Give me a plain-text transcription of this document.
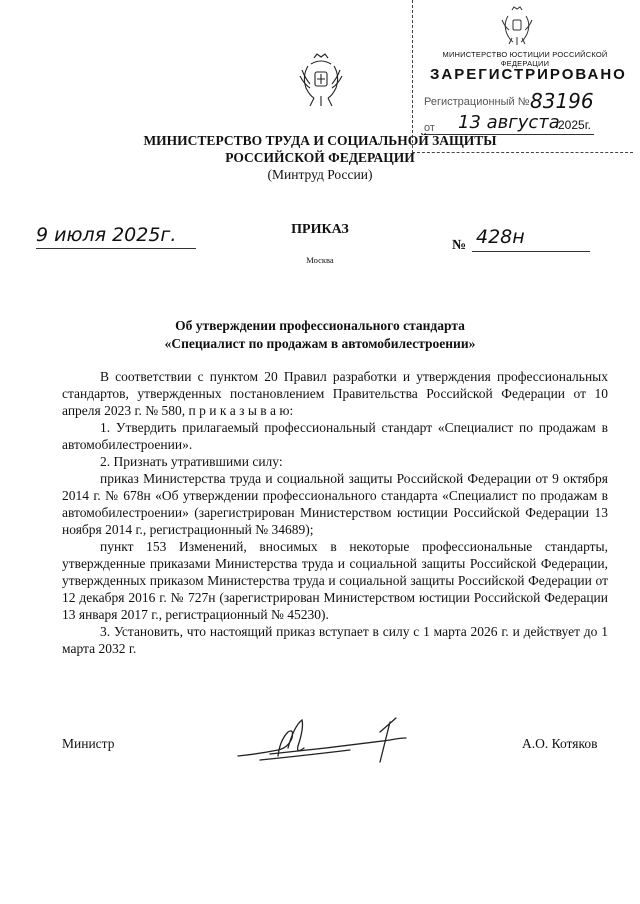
МИНИСТЕРСТВО ЮСТИЦИИ РОССИЙСКОЙ ФЕДЕРАЦИИ
ЗАРЕГИСТРИРОВАНО
Регистрационный № 83196
от 13 августа
2025г.
МИНИСТЕРСТВО ТРУДА И СОЦИАЛЬНОЙ ЗАЩИТЫ
РОССИЙСКОЙ ФЕДЕРАЦИИ
(Минтруд России)
9 июля 2025г.	ПРИКАЗ
Москва
№ 428н
Об утверждении профессионального стандарта
«Специалист по продажам в автомобилестроении»

В соответствии с пунктом 20 Правил разработки и утверждения профессиональных стандартов, утвержденных постановлением Правительства Российской Федерации от 10 апреля 2023 г. № 580, п р и к а з ы в а ю:

1. Утвердить прилагаемый профессиональный стандарт «Специалист по продажам в автомобилестроении».

2. Признать утратившими силу:

приказ Министерства труда и социальной защиты Российской Федерации от 9 октября 2014 г. № 678н «Об утверждении профессионального стандарта «Специалист по продажам в автомобилестроении» (зарегистрирован Министерством юстиции Российской Федерации 13 ноября 2014 г., регистрационный № 34689);

пункт 153 Изменений, вносимых в некоторые профессиональные стандарты, утвержденные приказами Министерства труда и социальной защиты Российской Федерации, утвержденных приказом Министерства труда и социальной защиты Российской Федерации от 12 декабря 2016 г. № 727н (зарегистрирован Министерством юстиции Российской Федерации 13 января 2017 г., регистрационный № 45230).

3. Установить, что настоящий приказ вступает в силу с 1 марта 2026 г. и действует до 1 марта 2032 г.

Министр	А.О. Котяков
